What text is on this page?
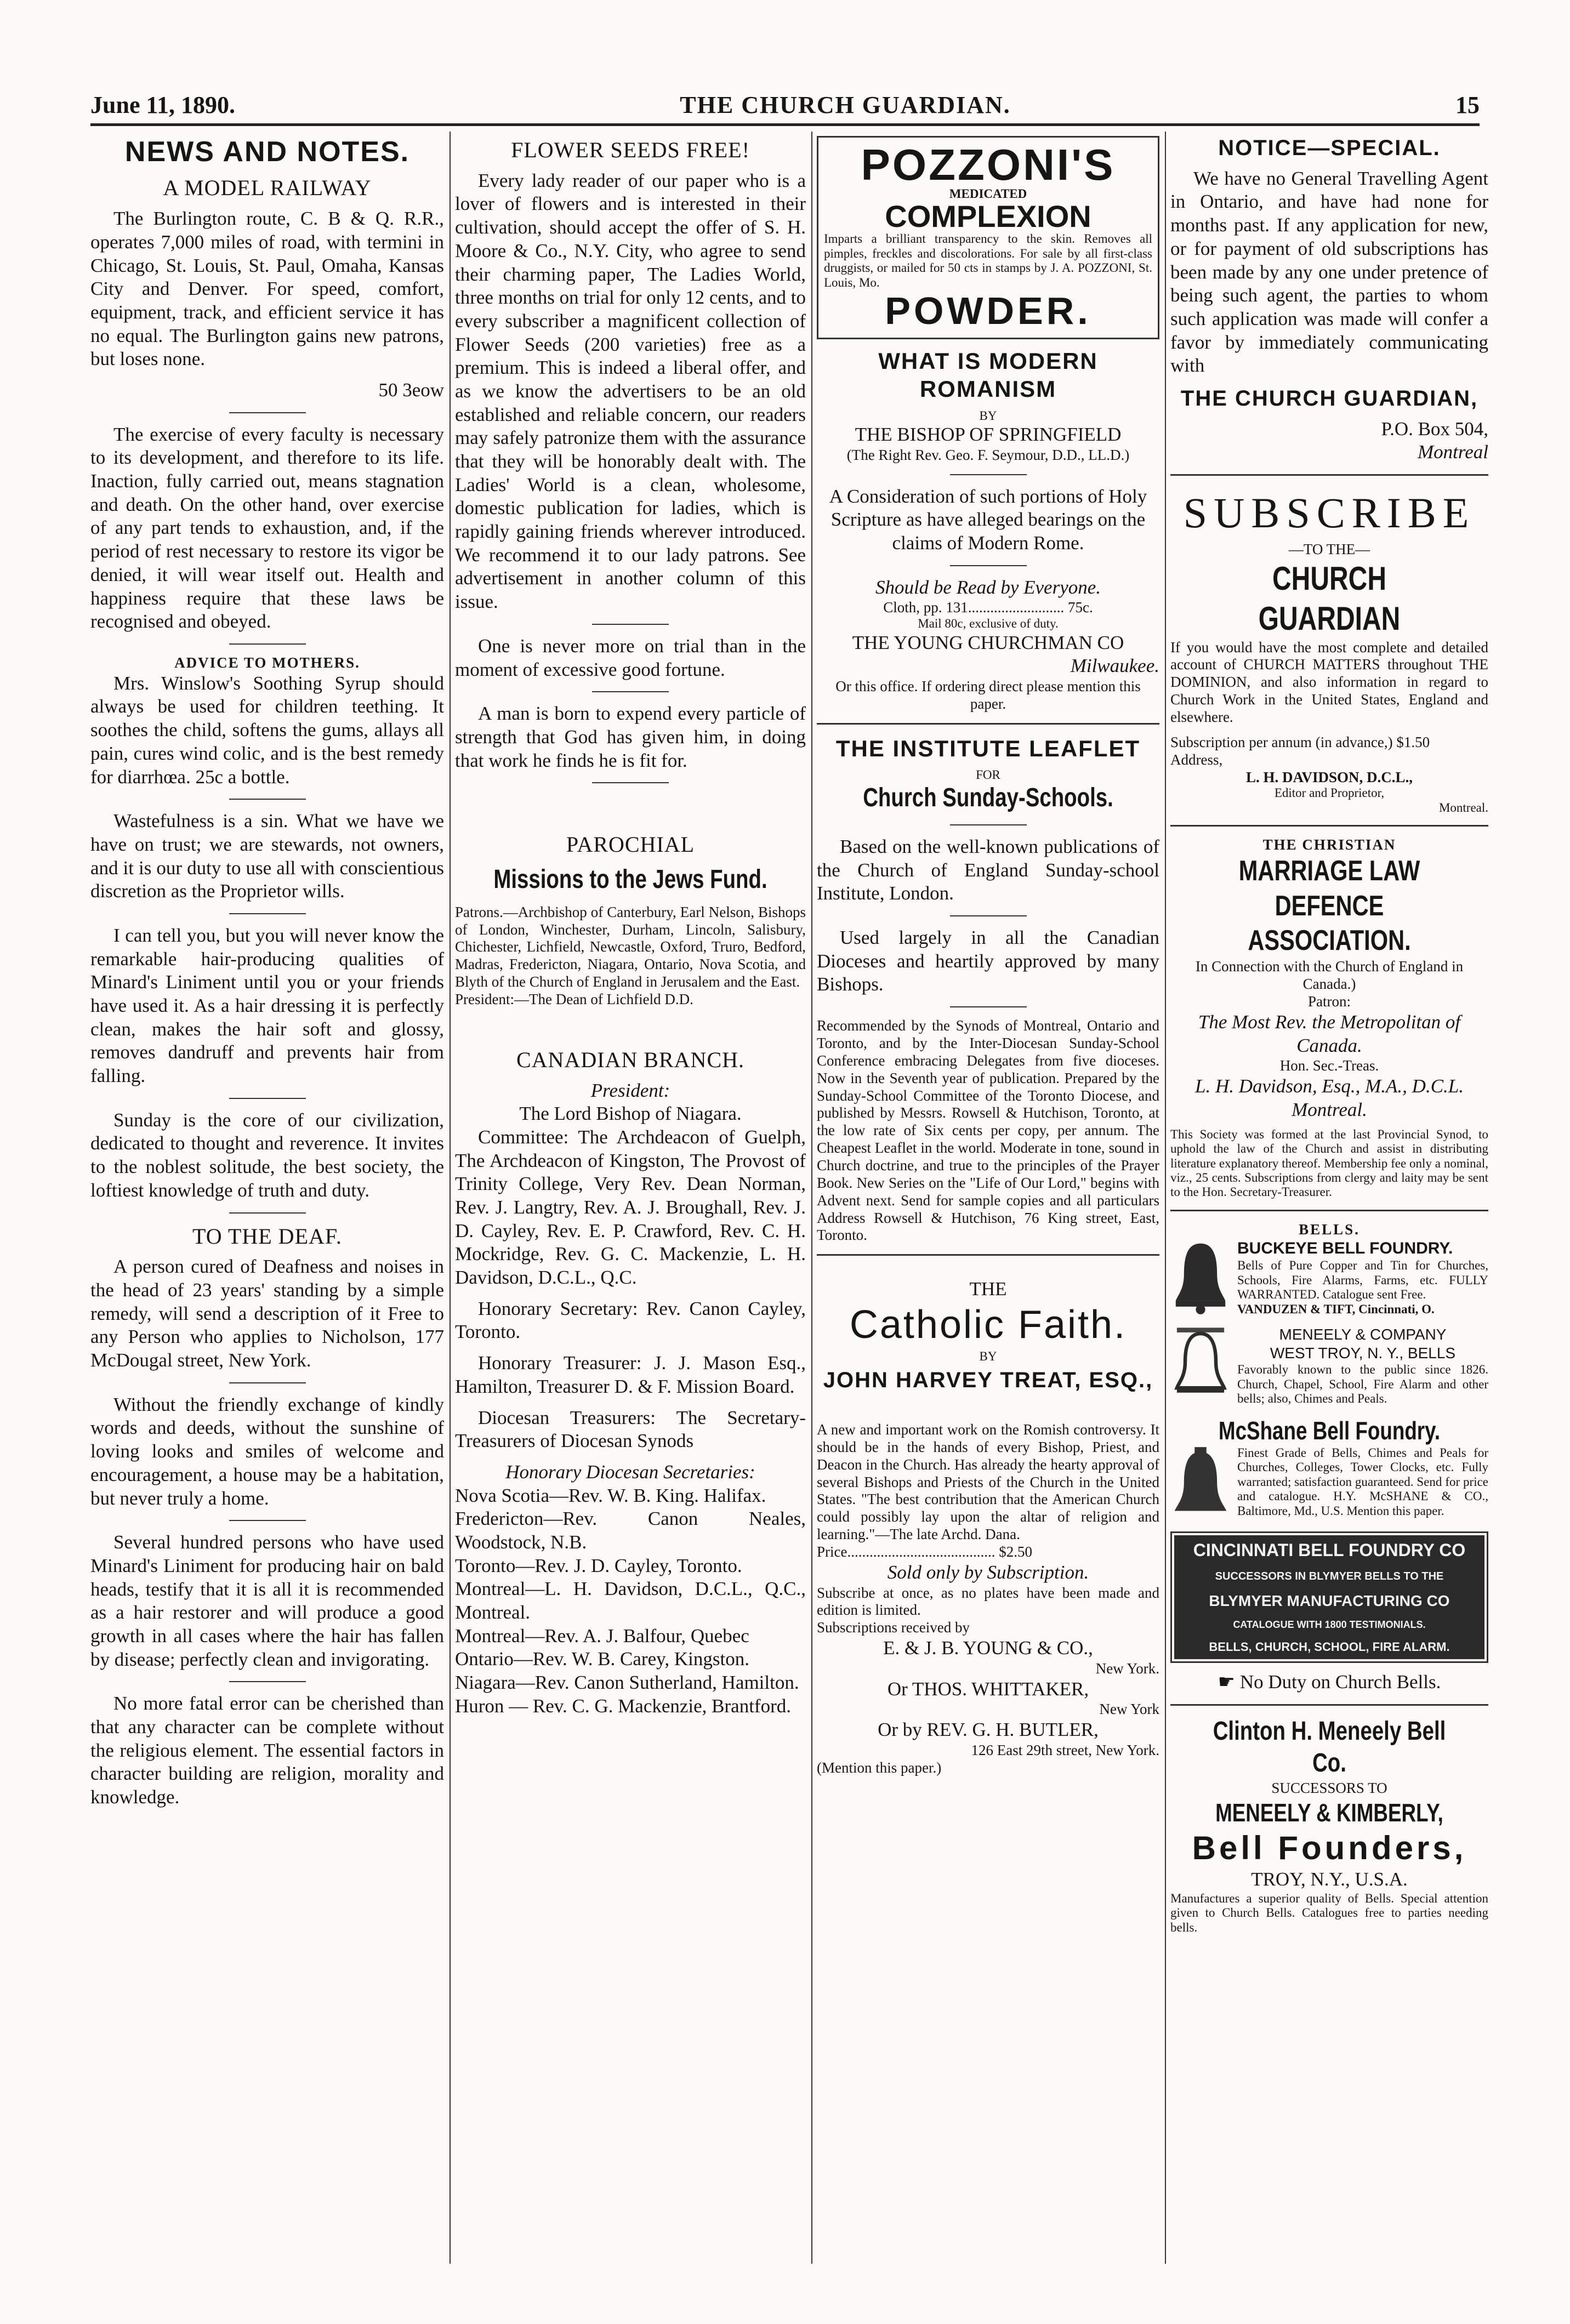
June 11, 1890.	THE CHURCH GUARDIAN.	15
NEWS AND NOTES.
A MODEL RAILWAY

The Burlington route, C. B & Q. R.R., operates 7,000 miles of road, with termini in Chicago, St. Louis, St. Paul, Omaha, Kansas City and Denver. For speed, comfort, equipment, track, and efficient service it has no equal. The Burlington gains new patrons, but loses none.

50 3eow

The exercise of every faculty is necessary to its development, and therefore to its life. Inaction, fully carried out, means stagnation and death. On the other hand, over exercise of any part tends to exhaustion, and, if the period of rest necessary to restore its vigor be denied, it will wear itself out. Health and happiness require that these laws be recognised and obeyed.

ADVICE TO MOTHERS.

Mrs. Winslow's Soothing Syrup should always be used for children teething. It soothes the child, softens the gums, allays all pain, cures wind colic, and is the best remedy for diarrhœa. 25c a bottle.

Wastefulness is a sin. What we have we have on trust; we are stewards, not owners, and it is our duty to use all with conscientious discretion as the Proprietor wills.

I can tell you, but you will never know the remarkable hair-producing qualities of Minard's Liniment until you or your friends have used it. As a hair dressing it is perfectly clean, makes the hair soft and glossy, removes dandruff and prevents hair from falling.

Sunday is the core of our civilization, dedicated to thought and reverence. It invites to the noblest solitude, the best society, the loftiest knowledge of truth and duty.

TO THE DEAF.

A person cured of Deafness and noises in the head of 23 years' standing by a simple remedy, will send a description of it Free to any Person who applies to Nicholson, 177 McDougal street, New York.

Without the friendly exchange of kindly words and deeds, without the sunshine of loving looks and smiles of welcome and encouragement, a house may be a habitation, but never truly a home.

Several hundred persons who have used Minard's Liniment for producing hair on bald heads, testify that it is all it is recommended as a hair restorer and will produce a good growth in all cases where the hair has fallen by disease; perfectly clean and invigorating.

No more fatal error can be cherished than that any character can be complete without the religious element. The essential factors in character building are religion, morality and knowledge.

FLOWER SEEDS FREE!

Every lady reader of our paper who is a lover of flowers and is interested in their cultivation, should accept the offer of S. H. Moore & Co., N.Y. City, who agree to send their charming paper, The Ladies World, three months on trial for only 12 cents, and to every subscriber a magnificent collection of Flower Seeds (200 varieties) free as a premium. This is indeed a liberal offer, and as we know the advertisers to be an old established and reliable concern, our readers may safely patronize them with the assurance that they will be honorably dealt with. The Ladies' World is a clean, wholesome, domestic publication for ladies, which is rapidly gaining friends wherever introduced. We recommend it to our lady patrons. See advertisement in another column of this issue.

One is never more on trial than in the moment of excessive good fortune.

A man is born to expend every particle of strength that God has given him, in doing that work he finds he is fit for.

PAROCHIAL
Missions to the Jews Fund.
Patrons.—Archbishop of Canterbury, Earl Nelson, Bishops of London, Winchester, Durham, Lincoln, Salisbury, Chichester, Lichfield, Newcastle, Oxford, Truro, Bedford, Madras, Fredericton, Niagara, Ontario, Nova Scotia, and Blyth of the Church of England in Jerusalem and the East.
President:—The Dean of Lichfield D.D.
CANADIAN BRANCH.
President:
The Lord Bishop of Niagara.

Committee: The Archdeacon of Guelph, The Archdeacon of Kingston, The Provost of Trinity College, Very Rev. Dean Norman, Rev. J. Langtry, Rev. A. J. Broughall, Rev. J. D. Cayley, Rev. E. P. Crawford, Rev. C. H. Mockridge, Rev. G. C. Mackenzie, L. H. Davidson, D.C.L., Q.C.

Honorary Secretary: Rev. Canon Cayley, Toronto.

Honorary Treasurer: J. J. Mason Esq., Hamilton, Treasurer D. & F. Mission Board.

Diocesan Treasurers: The Secretary-Treasurers of Diocesan Synods

Honorary Diocesan Secretaries:
Nova Scotia—Rev. W. B. King. Halifax.
Fredericton—Rev. Canon Neales, Woodstock, N.B.
Toronto—Rev. J. D. Cayley, Toronto.
Montreal—L. H. Davidson, D.C.L., Q.C., Montreal.
Montreal—Rev. A. J. Balfour, Quebec
Ontario—Rev. W. B. Carey, Kingston.
Niagara—Rev. Canon Sutherland, Hamilton.
Huron — Rev. C. G. Mackenzie, Brantford.
POZZONI'S
MEDICATED
COMPLEXION
Imparts a brilliant transparency to the skin. Removes all pimples, freckles and discolorations. For sale by all first-class druggists, or mailed for 50 cts in stamps by J. A. POZZONI, St. Louis, Mo.
POWDER.
WHAT IS MODERN ROMANISM
BY
THE BISHOP OF SPRINGFIELD
(The Right Rev. Geo. F. Seymour, D.D., LL.D.)
A Consideration of such portions of Holy Scripture as have alleged bearings on the claims of Modern Rome.
Should be Read by Everyone.
Cloth, pp. 131.......................... 75c.
Mail 80c, exclusive of duty.
THE YOUNG CHURCHMAN CO
Milwaukee.
Or this office. If ordering direct please mention this paper.
THE INSTITUTE LEAFLET
FOR
Church Sunday-Schools.

Based on the well-known publications of the Church of England Sunday-school Institute, London.

Used largely in all the Canadian Dioceses and heartily approved by many Bishops.

Recommended by the Synods of Montreal, Ontario and Toronto, and by the Inter-Diocesan Sunday-School Conference embracing Delegates from five dioceses. Now in the Seventh year of publication. Prepared by the Sunday-School Committee of the Toronto Diocese, and published by Messrs. Rowsell & Hutchison, Toronto, at the low rate of Six cents per copy, per annum. The Cheapest Leaflet in the world. Moderate in tone, sound in Church doctrine, and true to the principles of the Prayer Book. New Series on the "Life of Our Lord," begins with Advent next. Send for sample copies and all particulars Address Rowsell & Hutchison, 76 King street, East, Toronto.
THE
Catholic Faith.
BY
JOHN HARVEY TREAT, ESQ.,
A new and important work on the Romish controversy. It should be in the hands of every Bishop, Priest, and Deacon in the Church. Has already the hearty approval of several Bishops and Priests of the Church in the United States. "The best contribution that the American Church could possibly lay upon the altar of religion and learning."—The late Archd. Dana.
Price........................................ $2.50
Sold only by Subscription.
Subscribe at once, as no plates have been made and edition is limited.
Subscriptions received by
E. & J. B. YOUNG & CO.,
New York.
Or THOS. WHITTAKER,
New York
Or by REV. G. H. BUTLER,
126 East 29th street, New York.
(Mention this paper.)
NOTICE—SPECIAL.

We have no General Travelling Agent in Ontario, and have had none for months past. If any application for new, or for payment of old subscriptions has been made by any one under pretence of being such agent, the parties to whom such application was made will confer a favor by immediately communicating with

THE CHURCH GUARDIAN,
P.O. Box 504,
Montreal
SUBSCRIBE
—TO THE—
CHURCH GUARDIAN
If you would have the most complete and detailed account of CHURCH MATTERS throughout THE DOMINION, and also information in regard to Church Work in the United States, England and elsewhere.
Subscription per annum (in advance,) $1.50
Address,
L. H. DAVIDSON, D.C.L.,
Editor and Proprietor,
Montreal.
THE CHRISTIAN
MARRIAGE LAW DEFENCE
ASSOCIATION.
In Connection with the Church of England in Canada.)
Patron:
The Most Rev. the Metropolitan of Canada.
Hon. Sec.-Treas.
L. H. Davidson, Esq., M.A., D.C.L. Montreal.
This Society was formed at the last Provincial Synod, to uphold the law of the Church and assist in distributing literature explanatory thereof. Membership fee only a nominal, viz., 25 cents. Subscriptions from clergy and laity may be sent to the Hon. Secretary-Treasurer.
BELLS.
BUCKEYE BELL FOUNDRY.
Bells of Pure Copper and Tin for Churches, Schools, Fire Alarms, Farms, etc. FULLY WARRANTED. Catalogue sent Free.
VANDUZEN & TIFT, Cincinnati, O.
MENEELY & COMPANY
WEST TROY, N. Y., BELLS
Favorably known to the public since 1826. Church, Chapel, School, Fire Alarm and other bells; also, Chimes and Peals.
McShane Bell Foundry.
Finest Grade of Bells, Chimes and Peals for Churches, Colleges, Tower Clocks, etc. Fully warranted; satisfaction guaranteed. Send for price and catalogue. H.Y. McSHANE & CO., Baltimore, Md., U.S. Mention this paper.
CINCINNATI BELL FOUNDRY CO
SUCCESSORS IN BLYMYER BELLS TO THE
BLYMYER MANUFACTURING CO
CATALOGUE WITH 1800 TESTIMONIALS.
BELLS, CHURCH, SCHOOL, FIRE ALARM.
☛ No Duty on Church Bells.
Clinton H. Meneely Bell Co.
SUCCESSORS TO
MENEELY & KIMBERLY,
Bell Founders,
TROY, N.Y., U.S.A.
Manufactures a superior quality of Bells. Special attention given to Church Bells. Catalogues free to parties needing bells.
